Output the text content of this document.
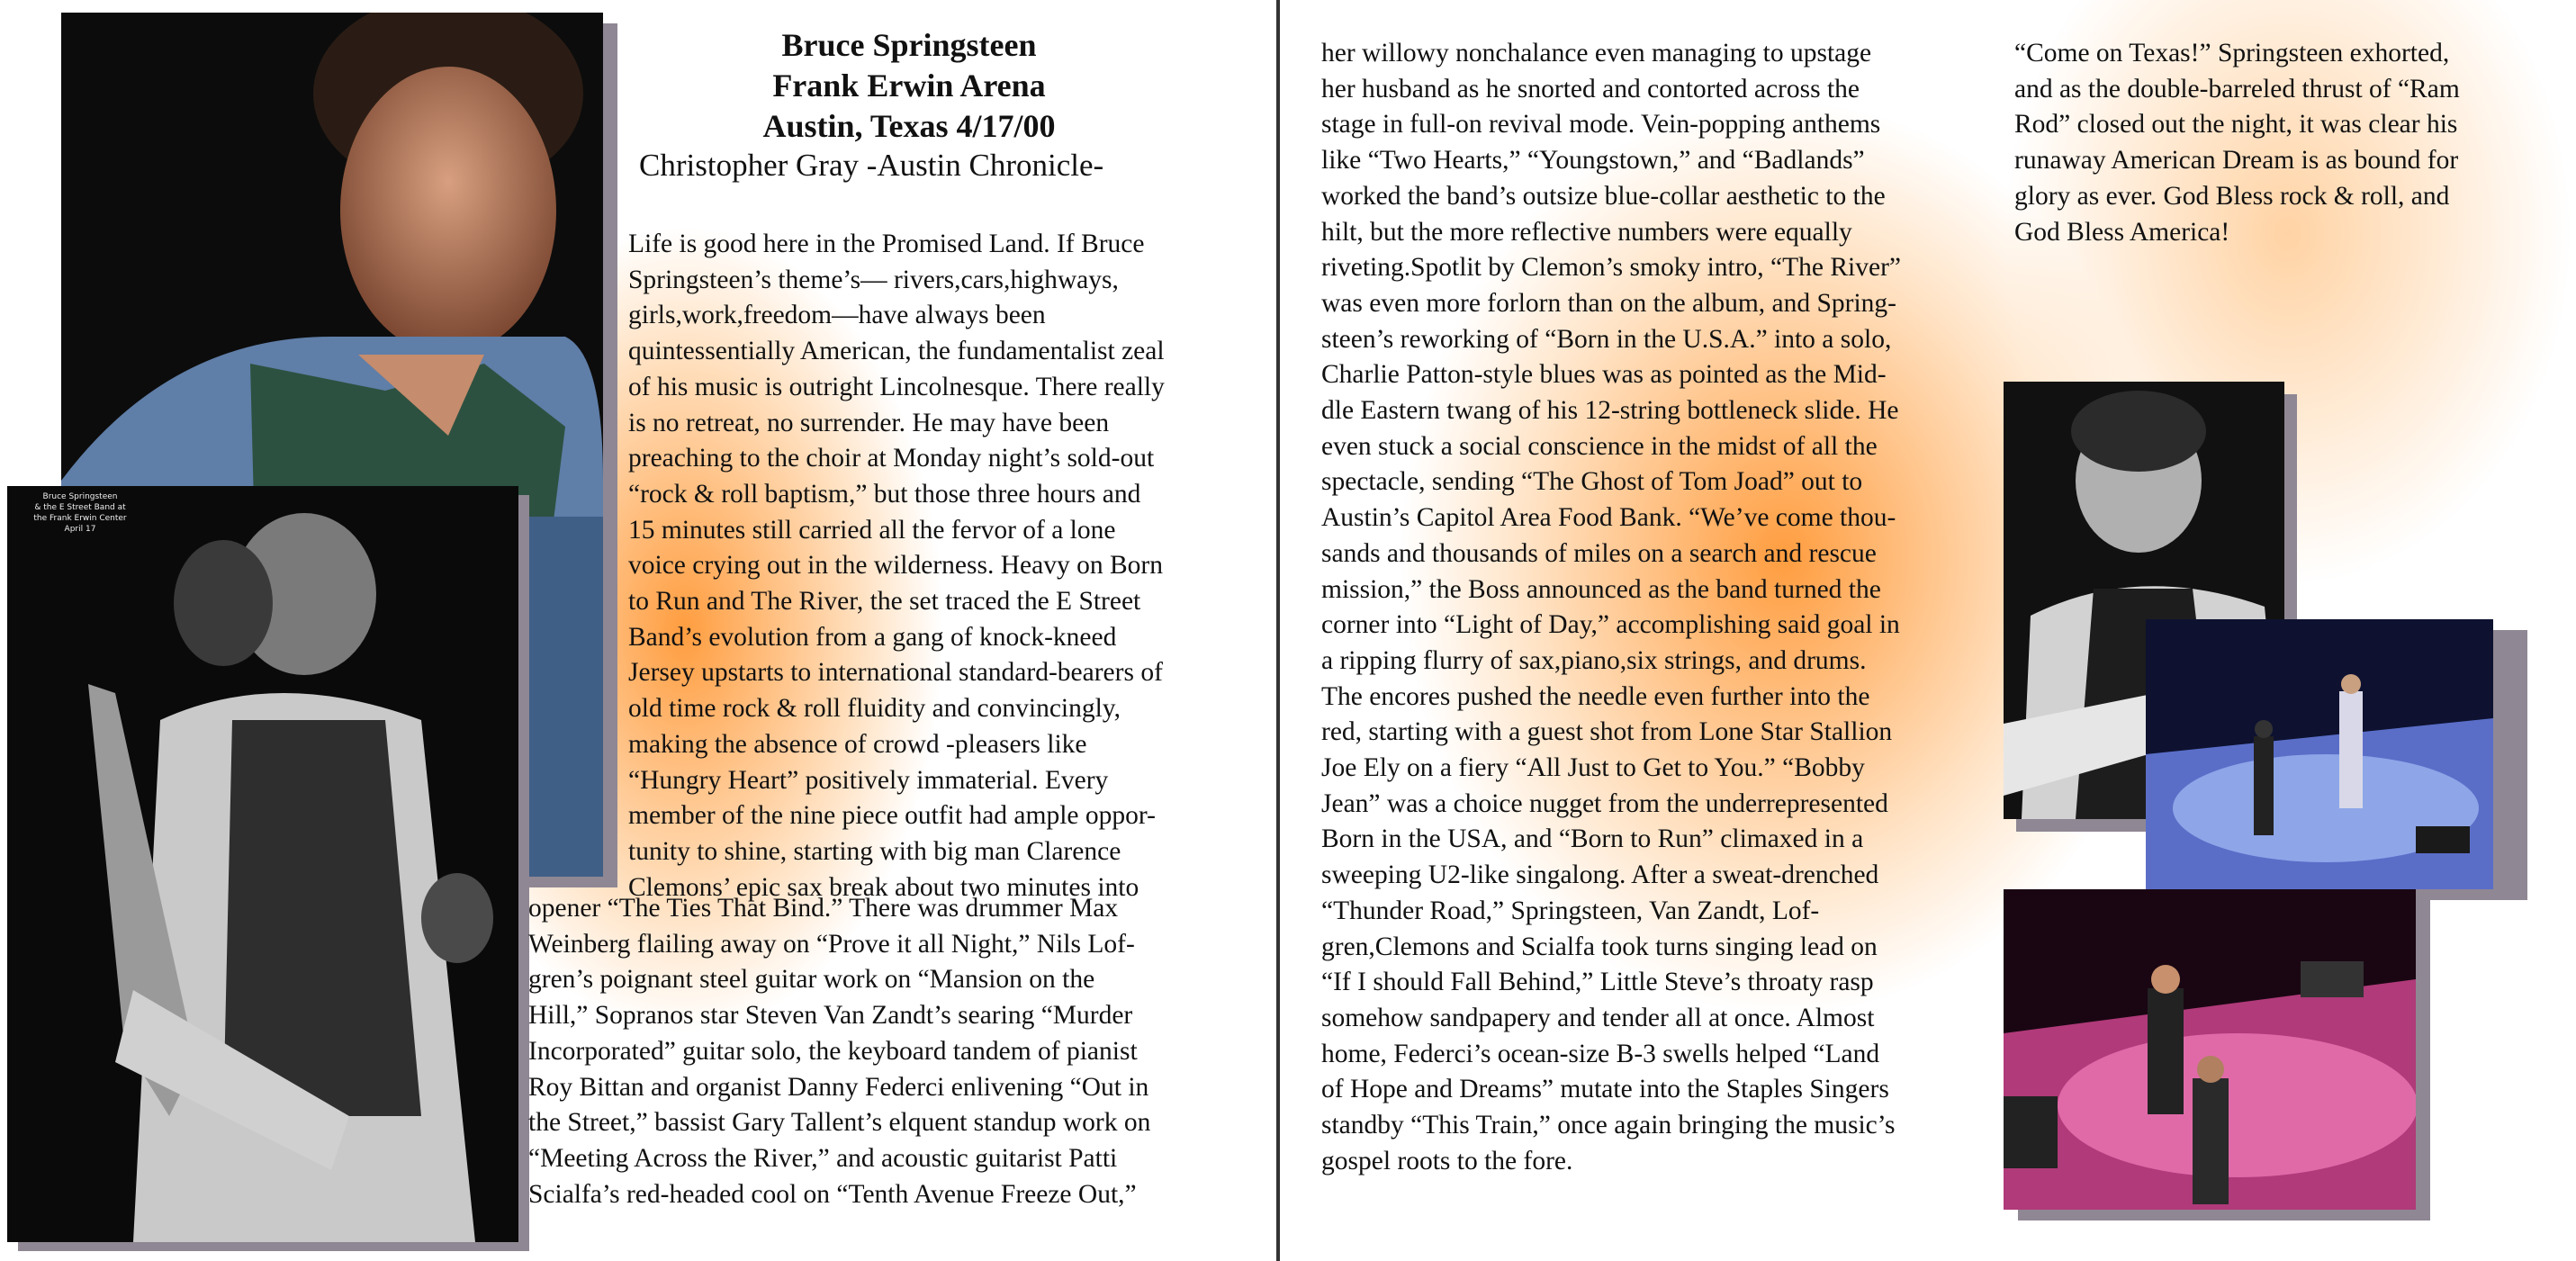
Bruce Springsteen
& the E Street Band at
the Frank Erwin Center
April 17
Bruce Springsteen
Frank Erwin Arena
Austin, Texas 4/17/00
Christopher Gray -Austin Chronicle-
Life is good here in the Promised Land. If Bruce
Springsteen’s theme’s— rivers,cars,highways,
girls,work,freedom—have always been
quintessentially American, the fundamentalist zeal
of his music is outright Lincolnesque. There really
is no retreat, no surrender. He may have been
preaching to the choir at Monday night’s sold-out
“rock & roll baptism,” but those three hours and
15 minutes still carried all the fervor of a lone
voice crying out in the wilderness. Heavy on Born
to Run and The River, the set traced the E Street
Band’s evolution from a gang of knock-kneed
Jersey upstarts to international standard-bearers of
old time rock & roll fluidity and convincingly,
making the absence of crowd -pleasers like
“Hungry Heart” positively immaterial. Every
member of the nine piece outfit had ample oppor-
tunity to shine, starting with big man Clarence
Clemons’ epic sax break about two minutes into
opener “The Ties That Bind.” There was drummer Max
Weinberg flailing away on “Prove it all Night,” Nils Lof-
gren’s poignant steel guitar work on “Mansion on the
Hill,” Sopranos star Steven Van Zandt’s searing “Murder
Incorporated” guitar solo, the keyboard tandem of pianist
Roy Bittan and organist Danny Federci enlivening “Out in
the Street,” bassist Gary Tallent’s elquent standup work on
“Meeting Across the River,” and acoustic guitarist Patti
Scialfa’s red-headed cool on “Tenth Avenue Freeze Out,”
her willowy nonchalance even managing to upstage
her husband as he snorted and contorted across the
stage in full-on revival mode. Vein-popping anthems
like “Two Hearts,” “Youngstown,” and “Badlands”
worked the band’s outsize blue-collar aesthetic to the
hilt, but the more reflective numbers were equally
riveting.Spotlit by Clemon’s smoky intro, “The River”
was even more forlorn than on the album, and Spring-
steen’s reworking of “Born in the U.S.A.” into a solo,
Charlie Patton-style blues was as pointed as the Mid-
dle Eastern twang of his 12-string bottleneck slide. He
even stuck a social conscience in the midst of all the
spectacle, sending “The Ghost of Tom Joad” out to
Austin’s Capitol Area Food Bank. “We’ve come thou-
sands and thousands of miles on a search and rescue
mission,” the Boss announced as the band turned the
corner into “Light of Day,” accomplishing said goal in
a ripping flurry of sax,piano,six strings, and drums.
The encores pushed the needle even further into the
red, starting with a guest shot from Lone Star Stallion
Joe Ely on a fiery “All Just to Get to You.” “Bobby
Jean” was a choice nugget from the underrepresented
Born in the USA, and “Born to Run” climaxed in a
sweeping U2-like singalong. After a sweat-drenched
“Thunder Road,” Springsteen, Van Zandt, Lof-
gren,Clemons and Scialfa took turns singing lead on
“If I should Fall Behind,” Little Steve’s throaty rasp
somehow sandpapery and tender all at once. Almost
home, Federci’s ocean-size B-3 swells helped “Land
of Hope and Dreams” mutate into the Staples Singers
standby “This Train,” once again bringing the music’s
gospel roots to the fore.
“Come on Texas!” Springsteen exhorted,
and as the double-barreled thrust of “Ram
Rod” closed out the night, it was clear his
runaway American Dream is as bound for
glory as ever. God Bless rock & roll, and
God Bless America!
